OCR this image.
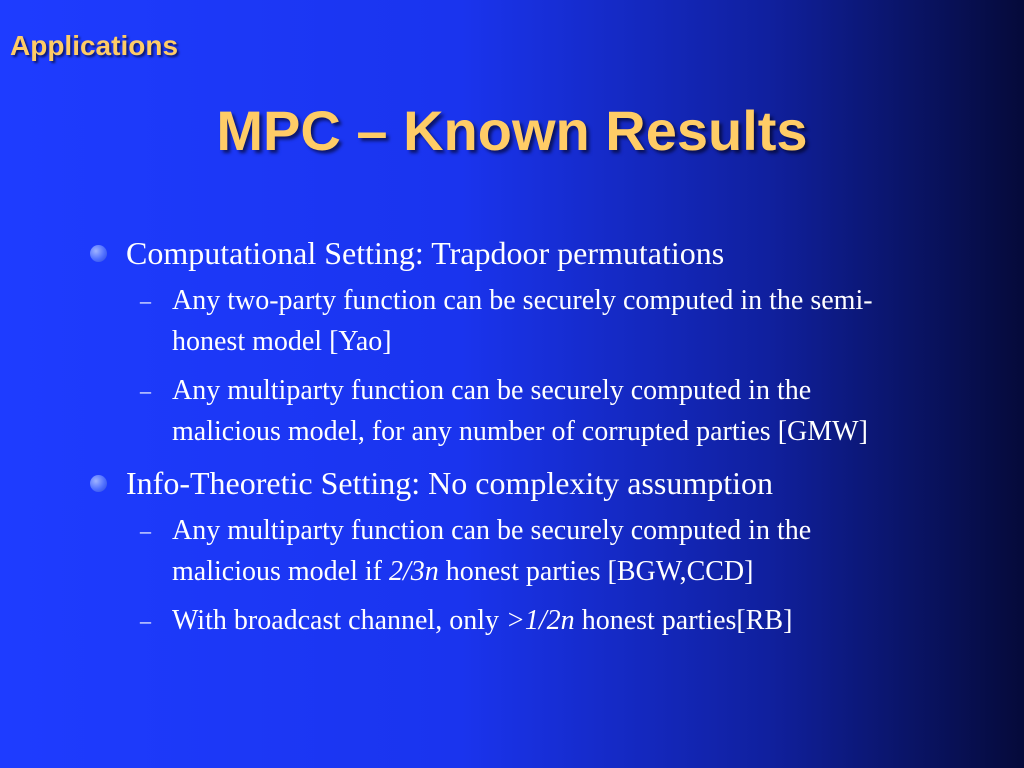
Applications
MPC – Known Results
Computational Setting: Trapdoor permutations
– Any two-party function can be securely computed in the semi-honest model [Yao]
– Any multiparty function can be securely computed in the malicious model, for any number of corrupted parties [GMW]
Info-Theoretic Setting: No complexity assumption
– Any multiparty function can be securely computed in the malicious model if 2/3n honest parties [BGW,CCD]
– With broadcast channel, only >1/2n honest parties[RB]
